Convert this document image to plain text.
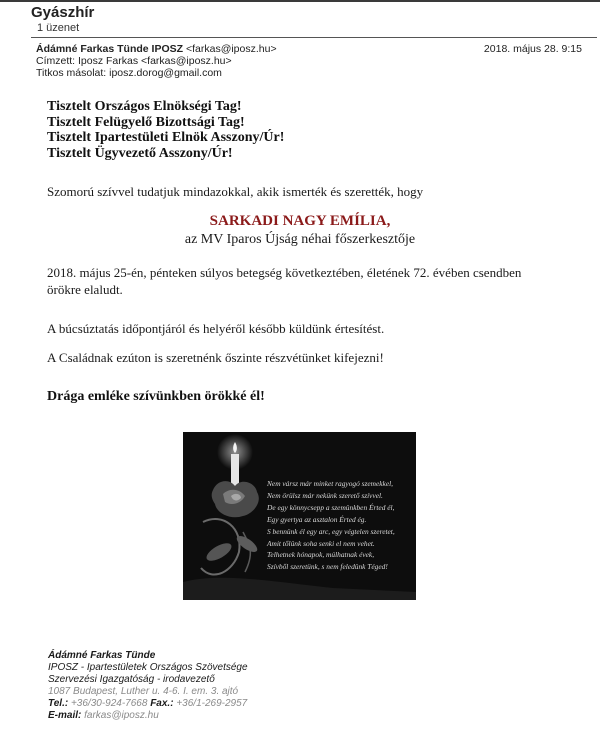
Gyászhír
1 üzenet
Ádámné Farkas Tünde IPOSZ <farkas@iposz.hu>	2018. május 28. 9:15
Címzett: Iposz Farkas <farkas@iposz.hu>
Titkos másolat: iposz.dorog@gmail.com
Tisztelt Országos Elnökségi Tag!
Tisztelt Felügyelő Bizottsági Tag!
Tisztelt Ipartestületi Elnök Asszony/Úr!
Tisztelt Ügyvezető Asszony/Úr!
Szomorú szívvel tudatjuk mindazokkal, akik ismerték és szerették, hogy
SARKADI NAGY EMÍLIA,
az MV Iparos Újság néhai főszerkesztője
2018. május 25-én, pénteken súlyos betegség következtében, életének 72. évében csendben
örökre elaludt.
A búcsúztatás időpontjáról és helyéről később küldünk értesítést.
A Családnak ezúton is szeretnénk őszinte részvétünket kifejezni!
Drága emléke szívünkben örökké él!
Nem vársz már minket ragyogó szemekkel,
Nem örülsz már nekünk szerető szívvel.
De egy könnycsepp a szemünkben Érted él,
Egy gyertya az asztalon Érted ég.
S bennünk él egy arc, egy végtelen szeretet,
Amit tőlünk soha senki el nem vehet.
Telhetnek hónapok, múlhatnak évek,
Szívből szeretünk, s nem feledünk Téged!
Ádámné Farkas Tünde
IPOSZ - Ipartestületek Országos Szövetsége
Szervezési Igazgatóság - irodavezető
1087 Budapest, Luther u. 4-6. I. em. 3. ajtó
Tel.: +36/30-924-7668 Fax.: +36/1-269-2957
E-mail: farkas@iposz.hu
